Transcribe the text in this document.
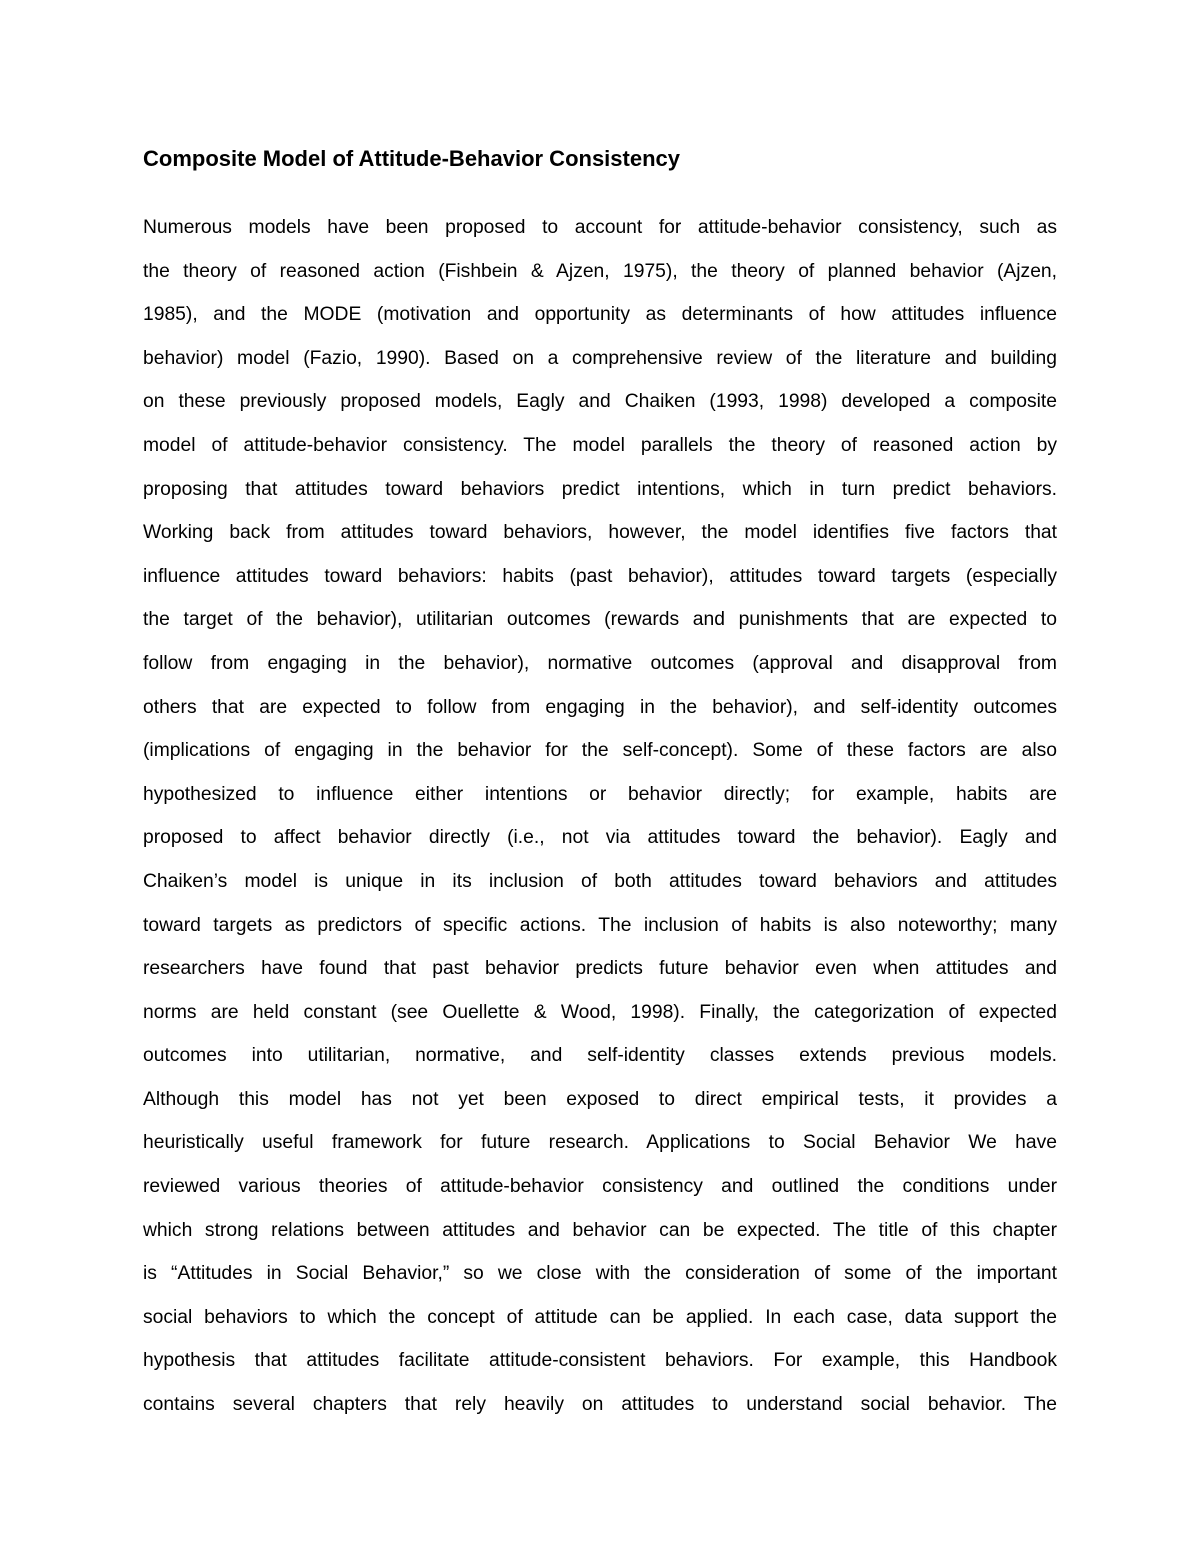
Composite Model of Attitude-Behavior Consistency
Numerous models have been proposed to account for attitude-behavior consistency, such as
the theory of reasoned action (Fishbein & Ajzen, 1975), the theory of planned behavior (Ajzen,
1985), and the MODE (motivation and opportunity as determinants of how attitudes influence
behavior) model (Fazio, 1990). Based on a comprehensive review of the literature and building
on these previously proposed models, Eagly and Chaiken (1993, 1998) developed a composite
model of attitude-behavior consistency. The model parallels the theory of reasoned action by
proposing that attitudes toward behaviors predict intentions, which in turn predict behaviors.
Working back from attitudes toward behaviors, however, the model identifies five factors that
influence attitudes toward behaviors: habits (past behavior), attitudes toward targets (especially
the target of the behavior), utilitarian outcomes (rewards and punishments that are expected to
follow from engaging in the behavior), normative outcomes (approval and disapproval from
others that are expected to follow from engaging in the behavior), and self-identity outcomes
(implications of engaging in the behavior for the self-concept). Some of these factors are also
hypothesized to influence either intentions or behavior directly; for example, habits are
proposed to affect behavior directly (i.e., not via attitudes toward the behavior). Eagly and
Chaiken’s model is unique in its inclusion of both attitudes toward behaviors and attitudes
toward targets as predictors of specific actions. The inclusion of habits is also noteworthy; many
researchers have found that past behavior predicts future behavior even when attitudes and
norms are held constant (see Ouellette & Wood, 1998). Finally, the categorization of expected
outcomes into utilitarian, normative, and self-identity classes extends previous models.
Although this model has not yet been exposed to direct empirical tests, it provides a
heuristically useful framework for future research. Applications to Social Behavior We have
reviewed various theories of attitude-behavior consistency and outlined the conditions under
which strong relations between attitudes and behavior can be expected. The title of this chapter
is “Attitudes in Social Behavior,” so we close with the consideration of some of the important
social behaviors to which the concept of attitude can be applied. In each case, data support the
hypothesis that attitudes facilitate attitude-consistent behaviors. For example, this Handbook
contains several chapters that rely heavily on attitudes to understand social behavior. The
